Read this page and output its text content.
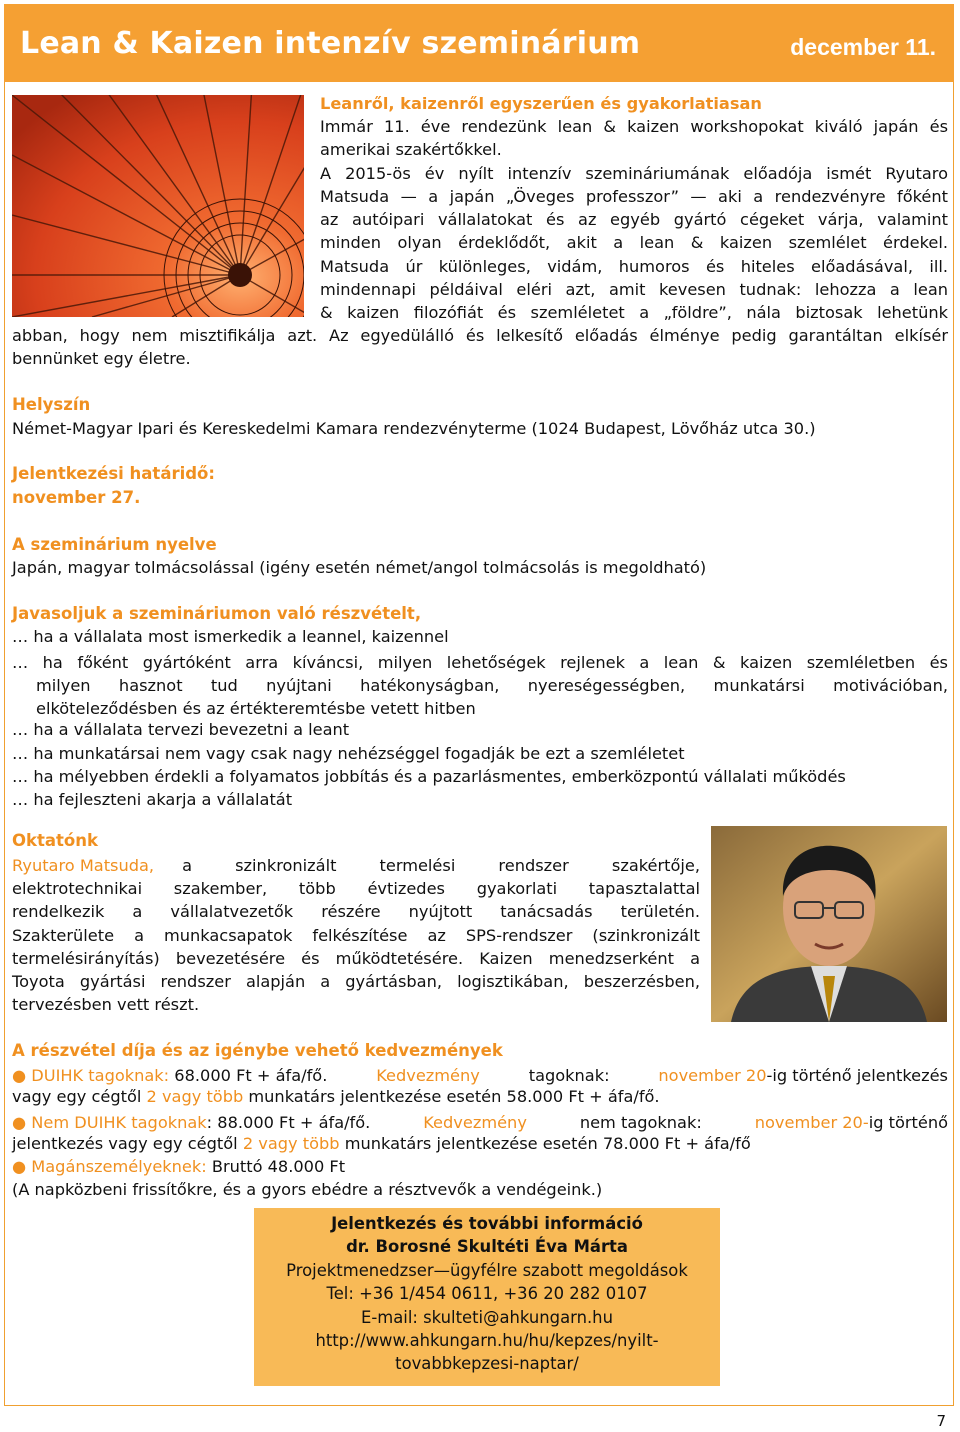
Lean & Kaizen intenzív szeminárium	december 11.
Leanről, kaizenről egyszerűen és gyakorlatiasan
Immár 11. éve rendezünk lean & kaizen workshopokat kiváló japán és
amerikai szakértőkkel.
A 2015-ös év nyílt intenzív szemináriumának előadója ismét Ryutaro
Matsuda — a japán „Öveges professzor” — aki a rendezvényre főként
az autóipari vállalatokat és az egyéb gyártó cégeket várja, valamint
minden olyan érdeklődőt, akit a lean & kaizen szemlélet érdekel.
Matsuda úr különleges, vidám, humoros és hiteles előadásával, ill.
mindennapi példáival eléri azt, amit kevesen tudnak: lehozza a lean
& kaizen filozófiát és szemléletet a „földre”, nála biztosak lehetünk
abban, hogy nem misztifikálja azt. Az egyedülálló és lelkesítő előadás élménye pedig garantáltan elkísér
bennünket egy életre.
Helyszín
Német-Magyar Ipari és Kereskedelmi Kamara rendezvényterme (1024 Budapest, Lövőház utca 30.)
Jelentkezési határidő:
november 27.
A szeminárium nyelve
Japán, magyar tolmácsolással (igény esetén német/angol tolmácsolás is megoldható)
Javasoljuk a szemináriumon való részvételt,
… ha a vállalata most ismerkedik a leannel, kaizennel
… ha főként gyártóként arra kíváncsi, milyen lehetőségek rejlenek a lean & kaizen szemléletben és
milyen hasznot tud nyújtani hatékonyságban, nyereségességben, munkatársi motivációban,
elköteleződésben és az értékteremtésbe vetett hitben
… ha a vállalata tervezi bevezetni a leant
… ha munkatársai nem vagy csak nagy nehézséggel fogadják be ezt a szemléletet
… ha mélyebben érdekli a folyamatos jobbítás és a pazarlásmentes, emberközpontú vállalati működés
… ha fejleszteni akarja a vállalatát
Oktatónk
Ryutaro Matsuda, a szinkronizált termelési rendszer szakértője,
elektrotechnikai szakember, több évtizedes gyakorlati tapasztalattal
rendelkezik a vállalatvezetők részére nyújtott tanácsadás területén.
Szakterülete a munkacsapatok felkészítése az SPS-rendszer (szinkronizált
termelésirányítás) bevezetésére és működtetésére. Kaizen menedzserként a
Toyota gyártási rendszer alapján a gyártásban, logisztikában, beszerzésben,
tervezésben vett részt.
A részvétel díja és az igénybe vehető kedvezmények
● DUIHK tagoknak: 68.000 Ft + áfa/fő.	Kedvezmény	tagoknak:	november 20-ig történő jelentkezés
vagy egy cégtől 2 vagy több munkatárs jelentkezése esetén 58.000 Ft + áfa/fő.
● Nem DUIHK tagoknak: 88.000 Ft + áfa/fő.	Kedvezmény	nem tagoknak:	november 20-ig történő
jelentkezés vagy egy cégtől 2 vagy több munkatárs jelentkezése esetén 78.000 Ft + áfa/fő
● Magánszemélyeknek: Bruttó 48.000 Ft
(A napközbeni frissítőkre, és a gyors ebédre a résztvevők a vendégeink.)
Jelentkezés és további információ
dr. Borosné Skultéti Éva Márta
Projektmenedzser—ügyfélre szabott megoldások
Tel: +36 1/454 0611, +36 20 282 0107
E-mail: skulteti@ahkungarn.hu
http://www.ahkungarn.hu/hu/kepzes/nyilt-
tovabbkepzesi-naptar/
7
